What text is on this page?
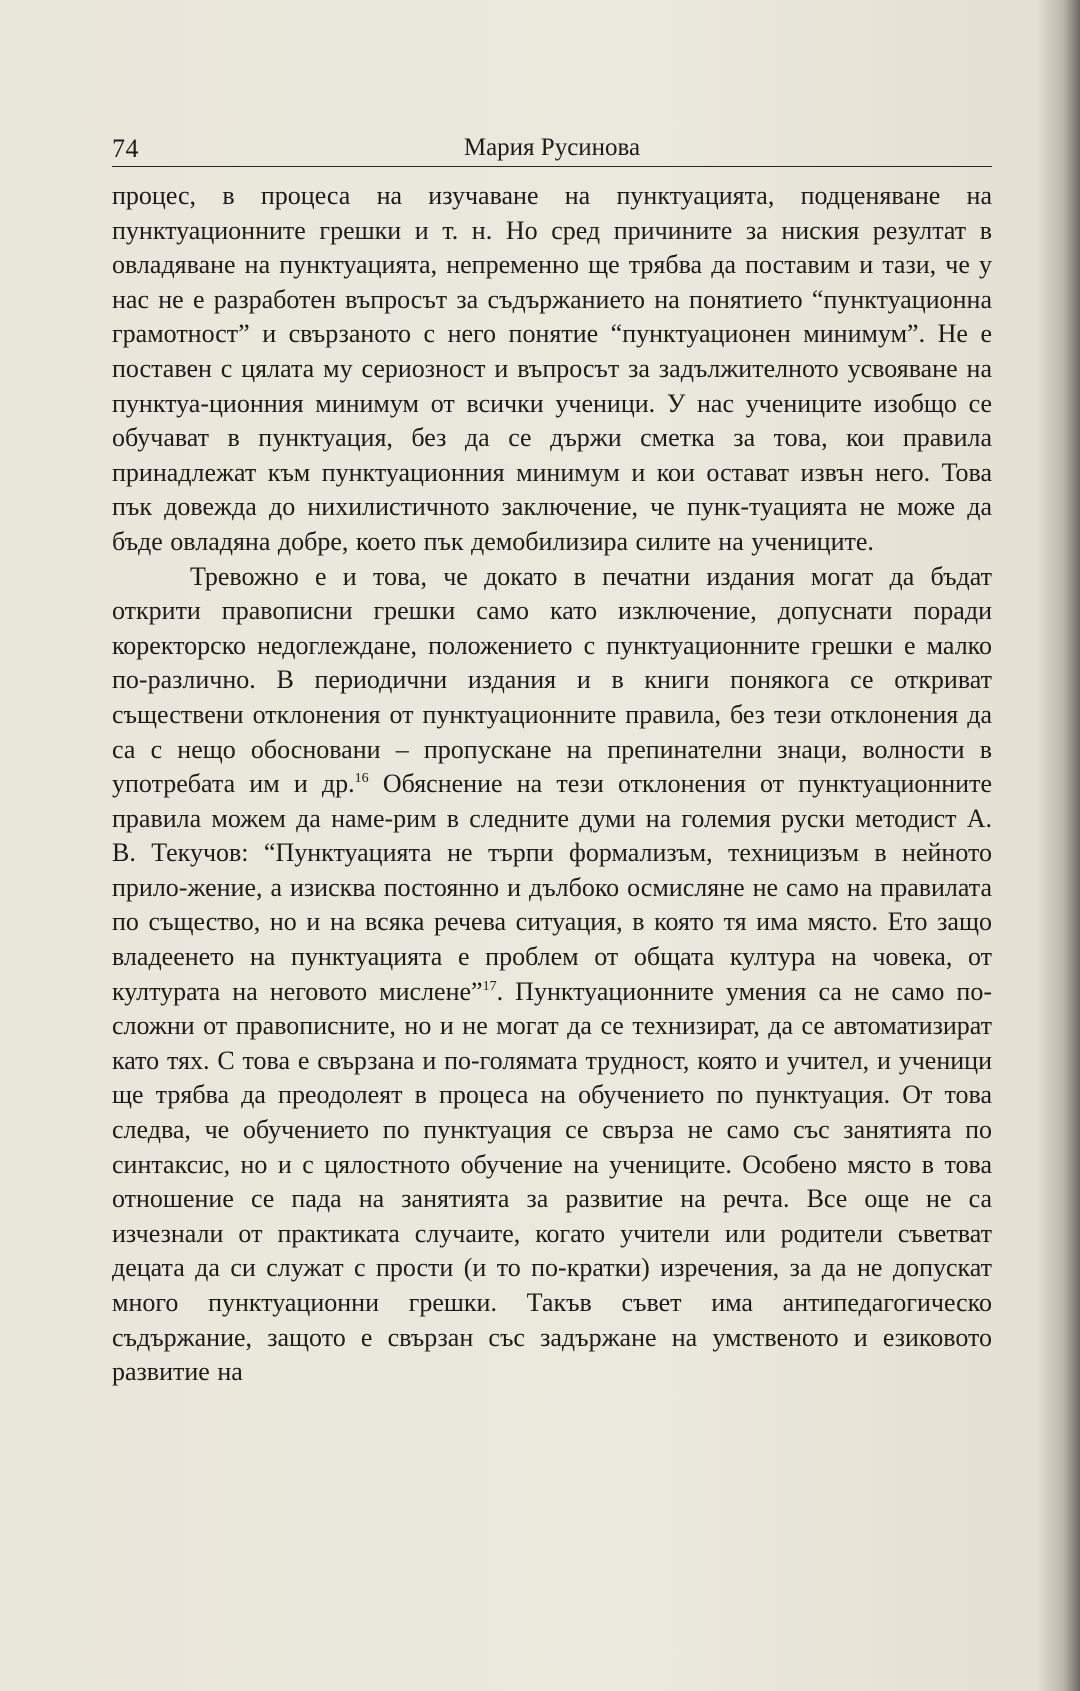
74	Мария Русинова

процес, в процеса на изучаване на пунктуацията, подценяване на пунктуационните грешки и т. н. Но сред причините за ниския резултат в овладяване на пунктуацията, непременно ще трябва да поставим и тази, че у нас не е разработен въпросът за съдържанието на понятието “пунктуационна грамотност” и свързаното с него понятие “пунктуационен минимум”. Не е поставен с цялата му сериозност и въпросът за задължителното усвояване на пунктуа-ционния минимум от всички ученици. У нас учениците изобщо се обучават в пунктуация, без да се държи сметка за това, кои правила принадлежат към пунктуационния минимум и кои остават извън него. Това пък довежда до нихилистичното заключение, че пунк-туацията не може да бъде овладяна добре, което пък демобилизира силите на учениците.

Тревожно е и това, че докато в печатни издания могат да бъдат открити правописни грешки само като изключение, допуснати поради коректорско недоглеждане, положението с пунктуационните грешки е малко по-различно. В периодични издания и в книги понякога се откриват съществени отклонения от пунктуационните правила, без тези отклонения да са с нещо обосновани – пропускане на препинателни знаци, волности в употребата им и др.$^{16}$ Обяснение на тези отклонения от пунктуационните правила можем да наме-рим в следните думи на големия руски методист А. В. Текучов: “Пунктуацията не търпи формализъм, техницизъм в нейното прило-жение, а изисква постоянно и дълбоко осмисляне не само на правилата по същество, но и на всяка речева ситуация, в която тя има място. Ето защо владеенето на пунктуацията е проблем от общата култура на човека, от културата на неговото мислене”$^{17}$. Пунктуационните умения са не само по-сложни от правописните, но и не могат да се технизират, да се автоматизират като тях. С това е свързана и по-голямата трудност, която и учител, и ученици ще трябва да преодолеят в процеса на обучението по пунктуация. От това следва, че обучението по пунктуация се свърза не само със занятията по синтаксис, но и с цялостното обучение на учениците. Особено място в това отношение се пада на занятията за развитие на речта. Все още не са изчезнали от практиката случаите, когато учители или родители съветват децата да си служат с прости (и то по-кратки) изречения, за да не допускат много пунктуационни грешки. Такъв съвет има антипедагогическо съдържание, защото е свързан със задържане на умственото и езиковото развитие на
